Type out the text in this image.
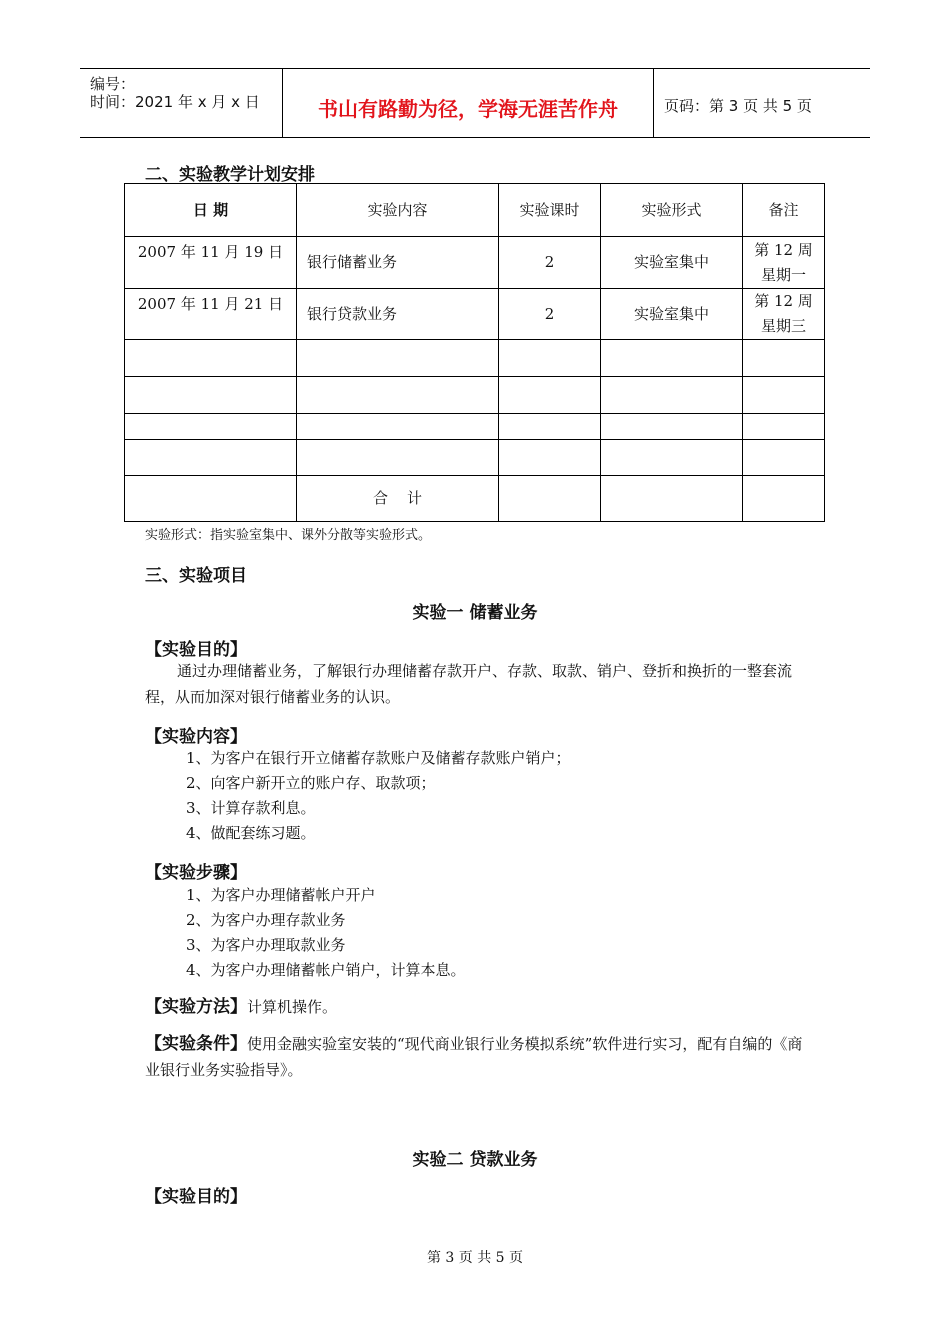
编号：
时间：2021 年 x 月 x 日	书山有路勤为径，学海无涯苦作舟	页码：第 3 页 共 5 页
二、实验教学计划安排
日 期	实验内容	实验课时	实验形式	备注
2007 年 11 月 19 日	银行储蓄业务	2	实验室集中	第 12 周
星期一

2007 年 11 月 21 日	银行贷款业务	2	实验室集中	第 12 周
星期三

	合    计			
实验形式：指实验室集中、课外分散等实验形式。
三、实验项目
实验一 储蓄业务
【实验目的】
通过办理储蓄业务，了解银行办理储蓄存款开户、存款、取款、销户、登折和换折的一整套流程，从而加深对银行储蓄业务的认识。
【实验内容】
1、为客户在银行开立储蓄存款账户及储蓄存款账户销户；
2、向客户新开立的账户存、取款项；
3、计算存款利息。
4、做配套练习题。
【实验步骤】
1、为客户办理储蓄帐户开户
2、为客户办理存款业务
3、为客户办理取款业务
4、为客户办理储蓄帐户销户，计算本息。
【实验方法】计算机操作。
【实验条件】使用金融实验室安装的“现代商业银行业务模拟系统”软件进行实习，配有自编的《商业银行业务实验指导》。
实验二 贷款业务
【实验目的】
第 3 页 共 5 页
